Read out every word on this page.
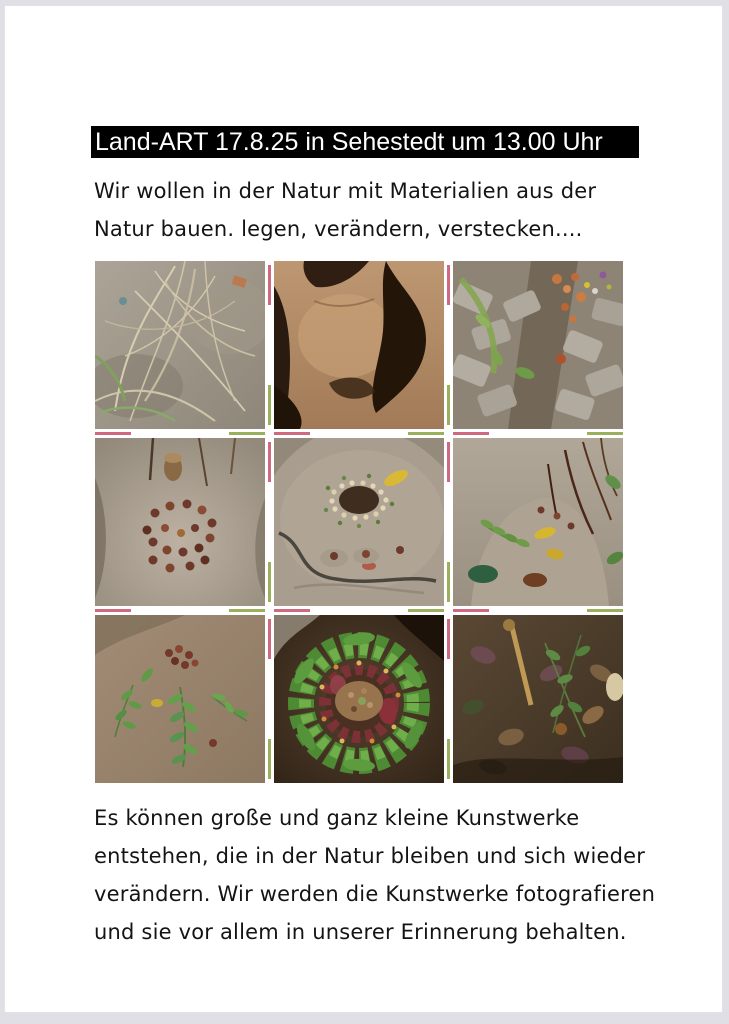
Land-ART 17.8.25 in Sehestedt um 13.00 Uhr
Wir wollen in der Natur mit Materialien aus der
Natur bauen. legen, verändern, verstecken....
Es können große und ganz kleine Kunstwerke
entstehen, die in der Natur bleiben und sich wieder
verändern. Wir werden die Kunstwerke fotografieren
und sie vor allem in unserer Erinnerung behalten.
